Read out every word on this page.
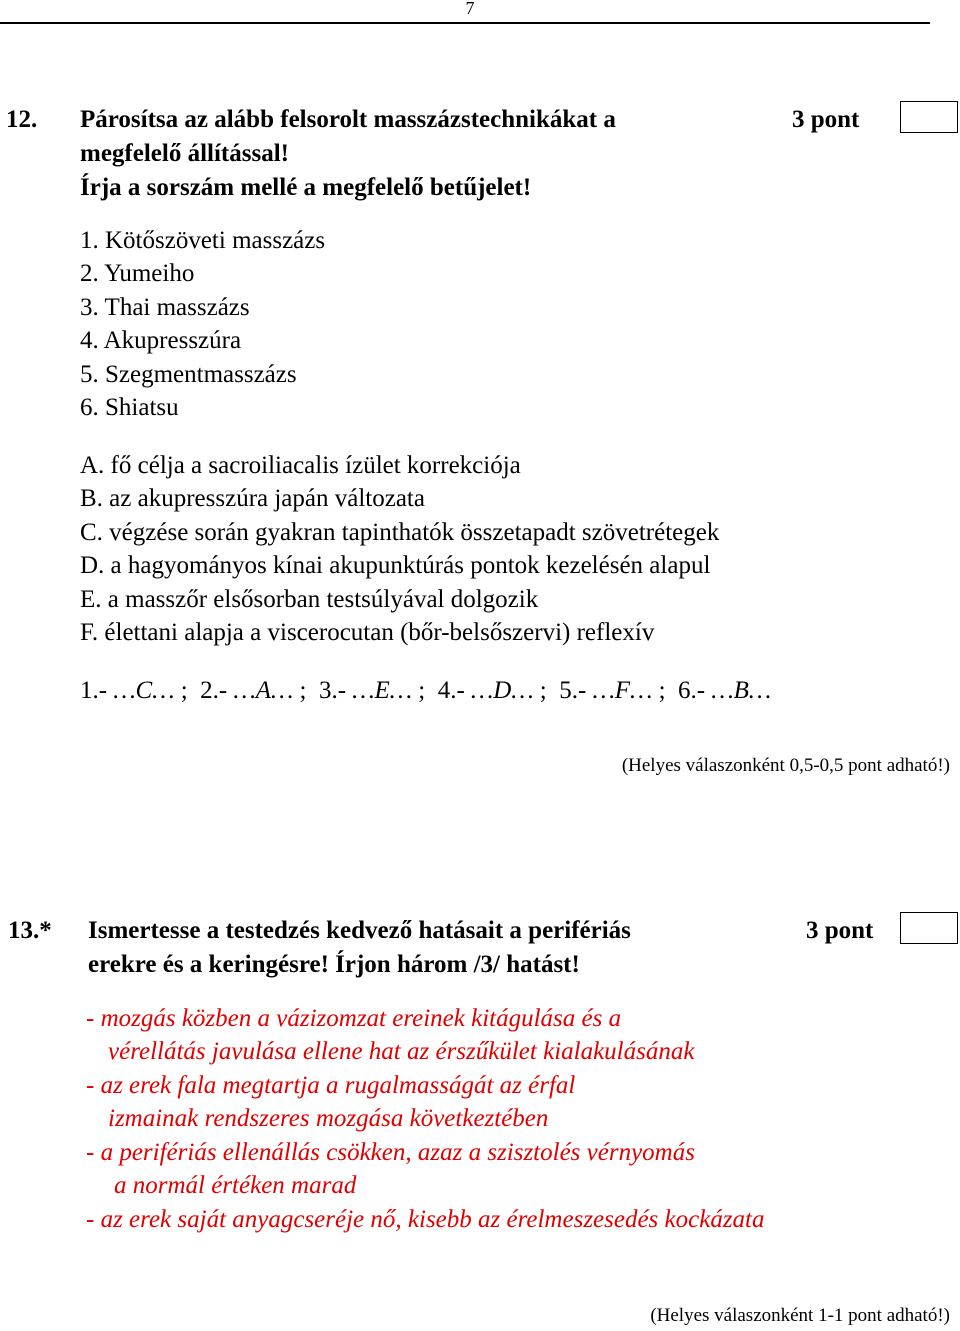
7
12. Párosítsa az alább felsorolt masszázstechnikákat a
megfelelő állítással!
Írja a sorszám mellé a megfelelő betűjelet!
3 pont
1. Kötőszöveti masszázs
2. Yumeiho
3. Thai masszázs
4. Akupresszúra
5. Szegmentmasszázs
6. Shiatsu
A. fő célja a sacroiliacalis ízület korrekciója
B. az akupresszúra japán változata
C. végzése során gyakran tapinthatók összetapadt szövetrétegek
D. a hagyományos kínai akupunktúrás pontok kezelésén alapul
E. a masszőr elsősorban testsúlyával dolgozik
F. élettani alapja a viscerocutan (bőr-belsőszervi) reflexív
1.- …C… ; 2.- …A… ; 3.- …E… ; 4.- …D… ; 5.- …F… ; 6.- …B…
(Helyes válaszonként 0,5-0,5 pont adható!)
13.* Ismertesse a testedzés kedvező hatásait a perifériás
erekre és a keringésre! Írjon három /3/ hatást!
3 pont
- mozgás közben a vázizomzat ereinek kitágulása és a
vérellátás javulása ellene hat az érszűkület kialakulásának
- az erek fala megtartja a rugalmasságát az érfal
izmainak rendszeres mozgása következtében
- a perifériás ellenállás csökken, azaz a szisztolés vérnyomás
a normál értéken marad
- az erek saját anyagcseréje nő, kisebb az érelmeszesedés kockázata
(Helyes válaszonként 1-1 pont adható!)
